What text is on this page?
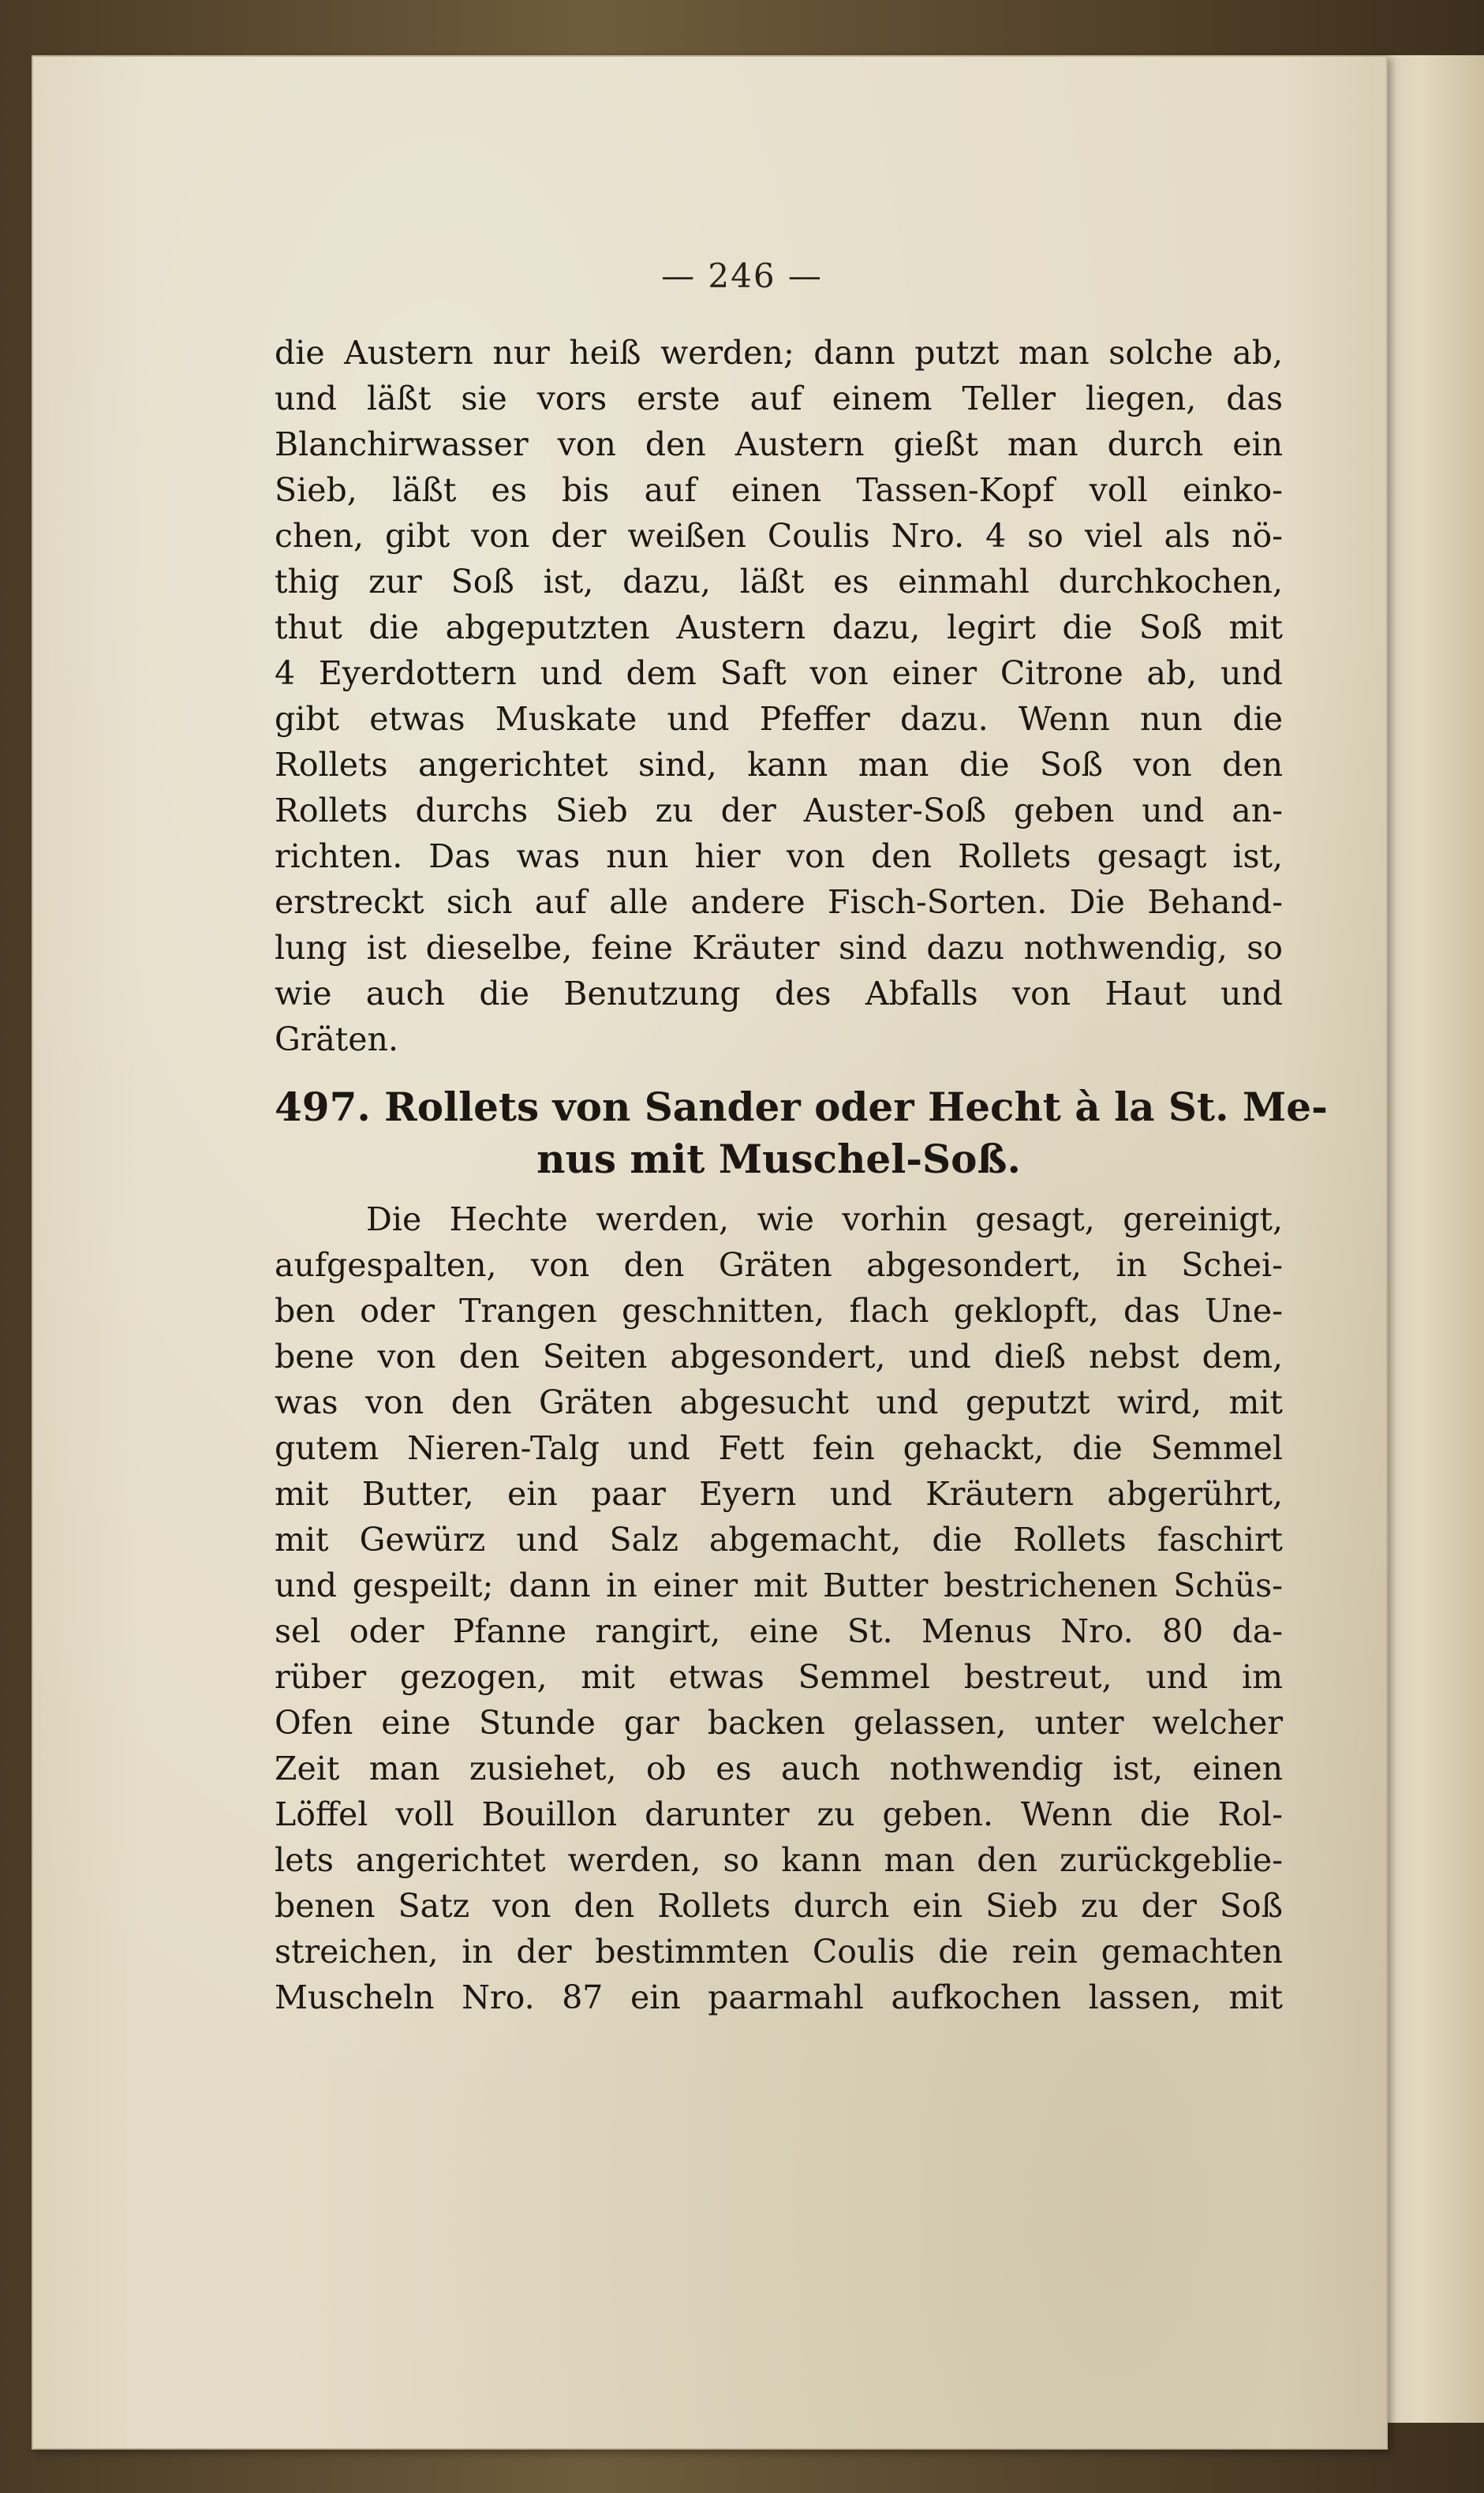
— 246 —
die Austern nur heiß werden; dann putzt man solche ab,
und läßt sie vors erste auf einem Teller liegen, das
Blanchirwasser von den Austern gießt man durch ein
Sieb, läßt es bis auf einen Tassen-Kopf voll einko-
chen, gibt von der weißen Coulis Nro. 4 so viel als nö-
thig zur Soß ist, dazu, läßt es einmahl durchkochen,
thut die abgeputzten Austern dazu, legirt die Soß mit
4 Eyerdottern und dem Saft von einer Citrone ab, und
gibt etwas Muskate und Pfeffer dazu. Wenn nun die
Rollets angerichtet sind, kann man die Soß von den
Rollets durchs Sieb zu der Auster-Soß geben und an-
richten. Das was nun hier von den Rollets gesagt ist,
erstreckt sich auf alle andere Fisch-Sorten. Die Behand-
lung ist dieselbe, feine Kräuter sind dazu nothwendig, so
wie auch die Benutzung des Abfalls von Haut und
Gräten.
497. Rollets von Sander oder Hecht à la St. Me-
nus mit Muschel-Soß.
Die Hechte werden, wie vorhin gesagt, gereinigt,
aufgespalten, von den Gräten abgesondert, in Schei-
ben oder Trangen geschnitten, flach geklopft, das Une-
bene von den Seiten abgesondert, und dieß nebst dem,
was von den Gräten abgesucht und geputzt wird, mit
gutem Nieren-Talg und Fett fein gehackt, die Semmel
mit Butter, ein paar Eyern und Kräutern abgerührt,
mit Gewürz und Salz abgemacht, die Rollets faschirt
und gespeilt; dann in einer mit Butter bestrichenen Schüs-
sel oder Pfanne rangirt, eine St. Menus Nro. 80 da-
rüber gezogen, mit etwas Semmel bestreut, und im
Ofen eine Stunde gar backen gelassen, unter welcher
Zeit man zusiehet, ob es auch nothwendig ist, einen
Löffel voll Bouillon darunter zu geben. Wenn die Rol-
lets angerichtet werden, so kann man den zurückgeblie-
benen Satz von den Rollets durch ein Sieb zu der Soß
streichen, in der bestimmten Coulis die rein gemachten
Muscheln Nro. 87 ein paarmahl aufkochen lassen, mit
